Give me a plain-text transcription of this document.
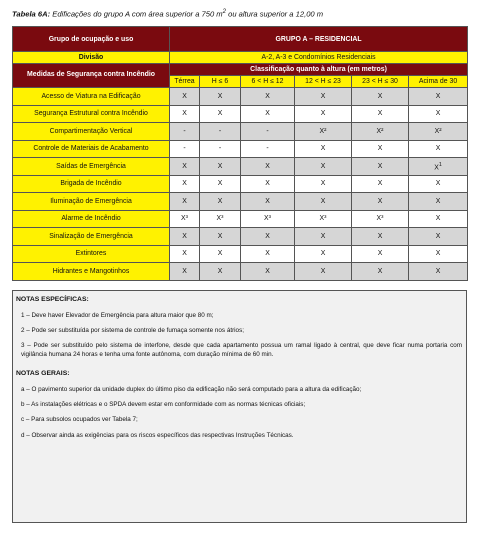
Tabela 6A: Edificações do grupo A com área superior a 750 $m^2$ ou altura superior a 12,00 m
Grupo de ocupação e uso	GRUPO A – RESIDENCIAL					
Divisão	A-2, A-3 e Condomínios Residenciais					
Medidas de Segurança contra Incêndio	Classificação quanto à altura (em metros)					
	Térrea	H ≤ 6	6 < H ≤ 12	12 < H ≤ 23	23 < H ≤ 30	Acima de 30
Acesso de Viatura na Edificação	X	X	X	X	X	X
Segurança Estrutural contra Incêndio	X	X	X	X	X	X
Compartimentação Vertical	-	-	-	X²	X²	X²
Controle de Materiais de Acabamento	-	-	-	X	X	X
Saídas de Emergência	X	X	X	X	X	$X^1$
Brigada de Incêndio	X	X	X	X	X	X
Iluminação de Emergência	X	X	X	X	X	X
Alarme de Incêndio	X³	X³	X³	X³	X³	X
Sinalização de Emergência	X	X	X	X	X	X
Extintores	X	X	X	X	X	X
Hidrantes e Mangotinhos	X	X	X	X	X	X
NOTAS ESPECÍFICAS:
1 – Deve haver Elevador de Emergência para altura maior que 80 m;
2 – Pode ser substituída por sistema de controle de fumaça somente nos átrios;
3 – Pode ser substituído pelo sistema de interfone, desde que cada apartamento possua um ramal ligado à central, que deve ficar numa portaria com vigilância humana 24 horas e tenha uma fonte autônoma, com duração mínima de 60 min.
NOTAS GERAIS:
a – O pavimento superior da unidade duplex do último piso da edificação não será computado para a altura da edificação;
b – As instalações elétricas e o SPDA devem estar em conformidade com as normas técnicas oficiais;
c – Para subsolos ocupados ver Tabela 7;
d – Observar ainda as exigências para os riscos específicos das respectivas Instruções Técnicas.
